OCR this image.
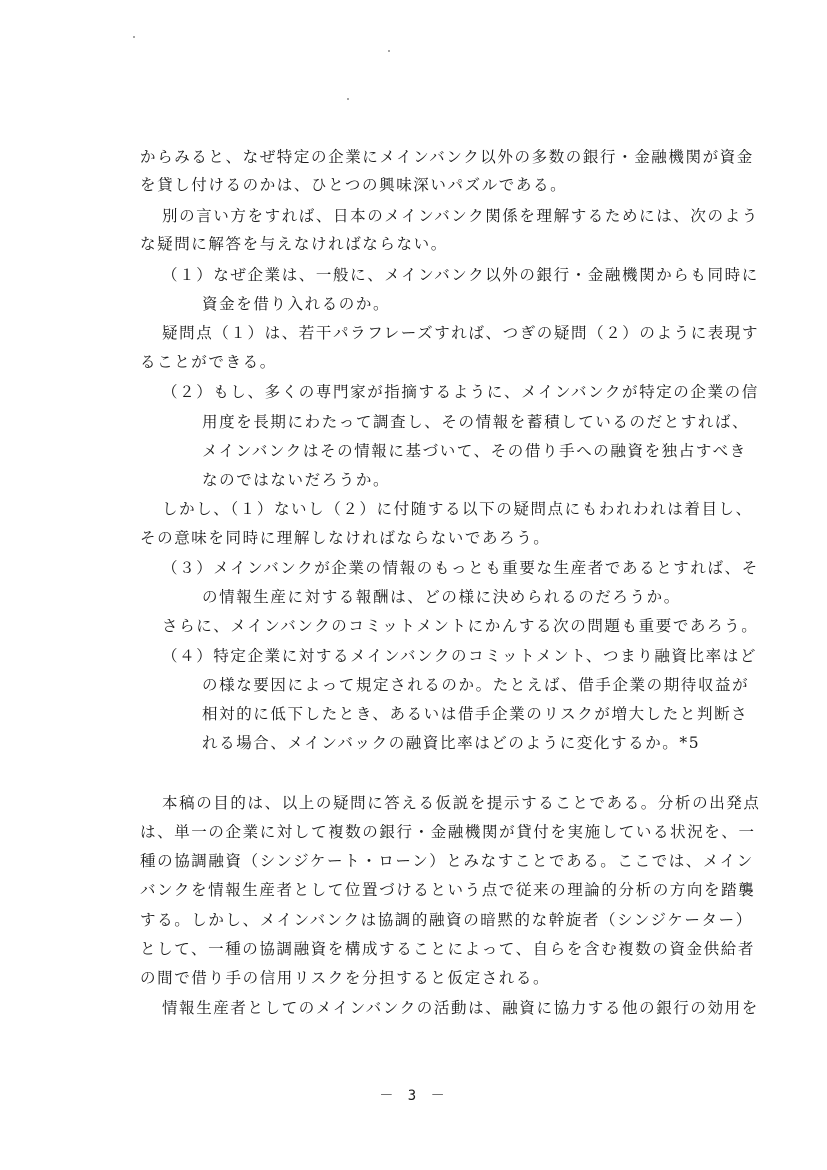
からみると、なぜ特定の企業にメインバンク以外の多数の銀行・金融機関が資金
を貸し付けるのかは、ひとつの興味深いパズルである。
別の言い方をすれば、日本のメインバンク関係を理解するためには、次のよう
な疑問に解答を与えなければならない。
（１）なぜ企業は、一般に、メインバンク以外の銀行・金融機関からも同時に
資金を借り入れるのか。
疑問点（１）は、若干パラフレーズすれば、つぎの疑問（２）のように表現す
ることができる。
（２）もし、多くの専門家が指摘するように、メインバンクが特定の企業の信
用度を長期にわたって調査し、その情報を蓄積しているのだとすれば、
メインバンクはその情報に基づいて、その借り手への融資を独占すべき
なのではないだろうか。
しかし、（１）ないし（２）に付随する以下の疑問点にもわれわれは着目し、
その意味を同時に理解しなければならないであろう。
（３）メインバンクが企業の情報のもっとも重要な生産者であるとすれば、そ
の情報生産に対する報酬は、どの様に決められるのだろうか。
さらに、メインバンクのコミットメントにかんする次の問題も重要であろう。
（４）特定企業に対するメインバンクのコミットメント、つまり融資比率はど
の様な要因によって規定されるのか。たとえば、借手企業の期待収益が
相対的に低下したとき、あるいは借手企業のリスクが増大したと判断さ
れる場合、メインバックの融資比率はどのように変化するか。*5
本稿の目的は、以上の疑問に答える仮説を提示することである。分析の出発点
は、単一の企業に対して複数の銀行・金融機関が貸付を実施している状況を、一
種の協調融資（シンジケート・ローン）とみなすことである。ここでは、メイン
バンクを情報生産者として位置づけるという点で従来の理論的分析の方向を踏襲
する。しかし、メインバンクは協調的融資の暗黙的な幹旋者（シンジケーター）
として、一種の協調融資を構成することによって、自らを含む複数の資金供給者
の間で借り手の信用リスクを分担すると仮定される。
情報生産者としてのメインバンクの活動は、融資に協力する他の銀行の効用を
－ 3 －
